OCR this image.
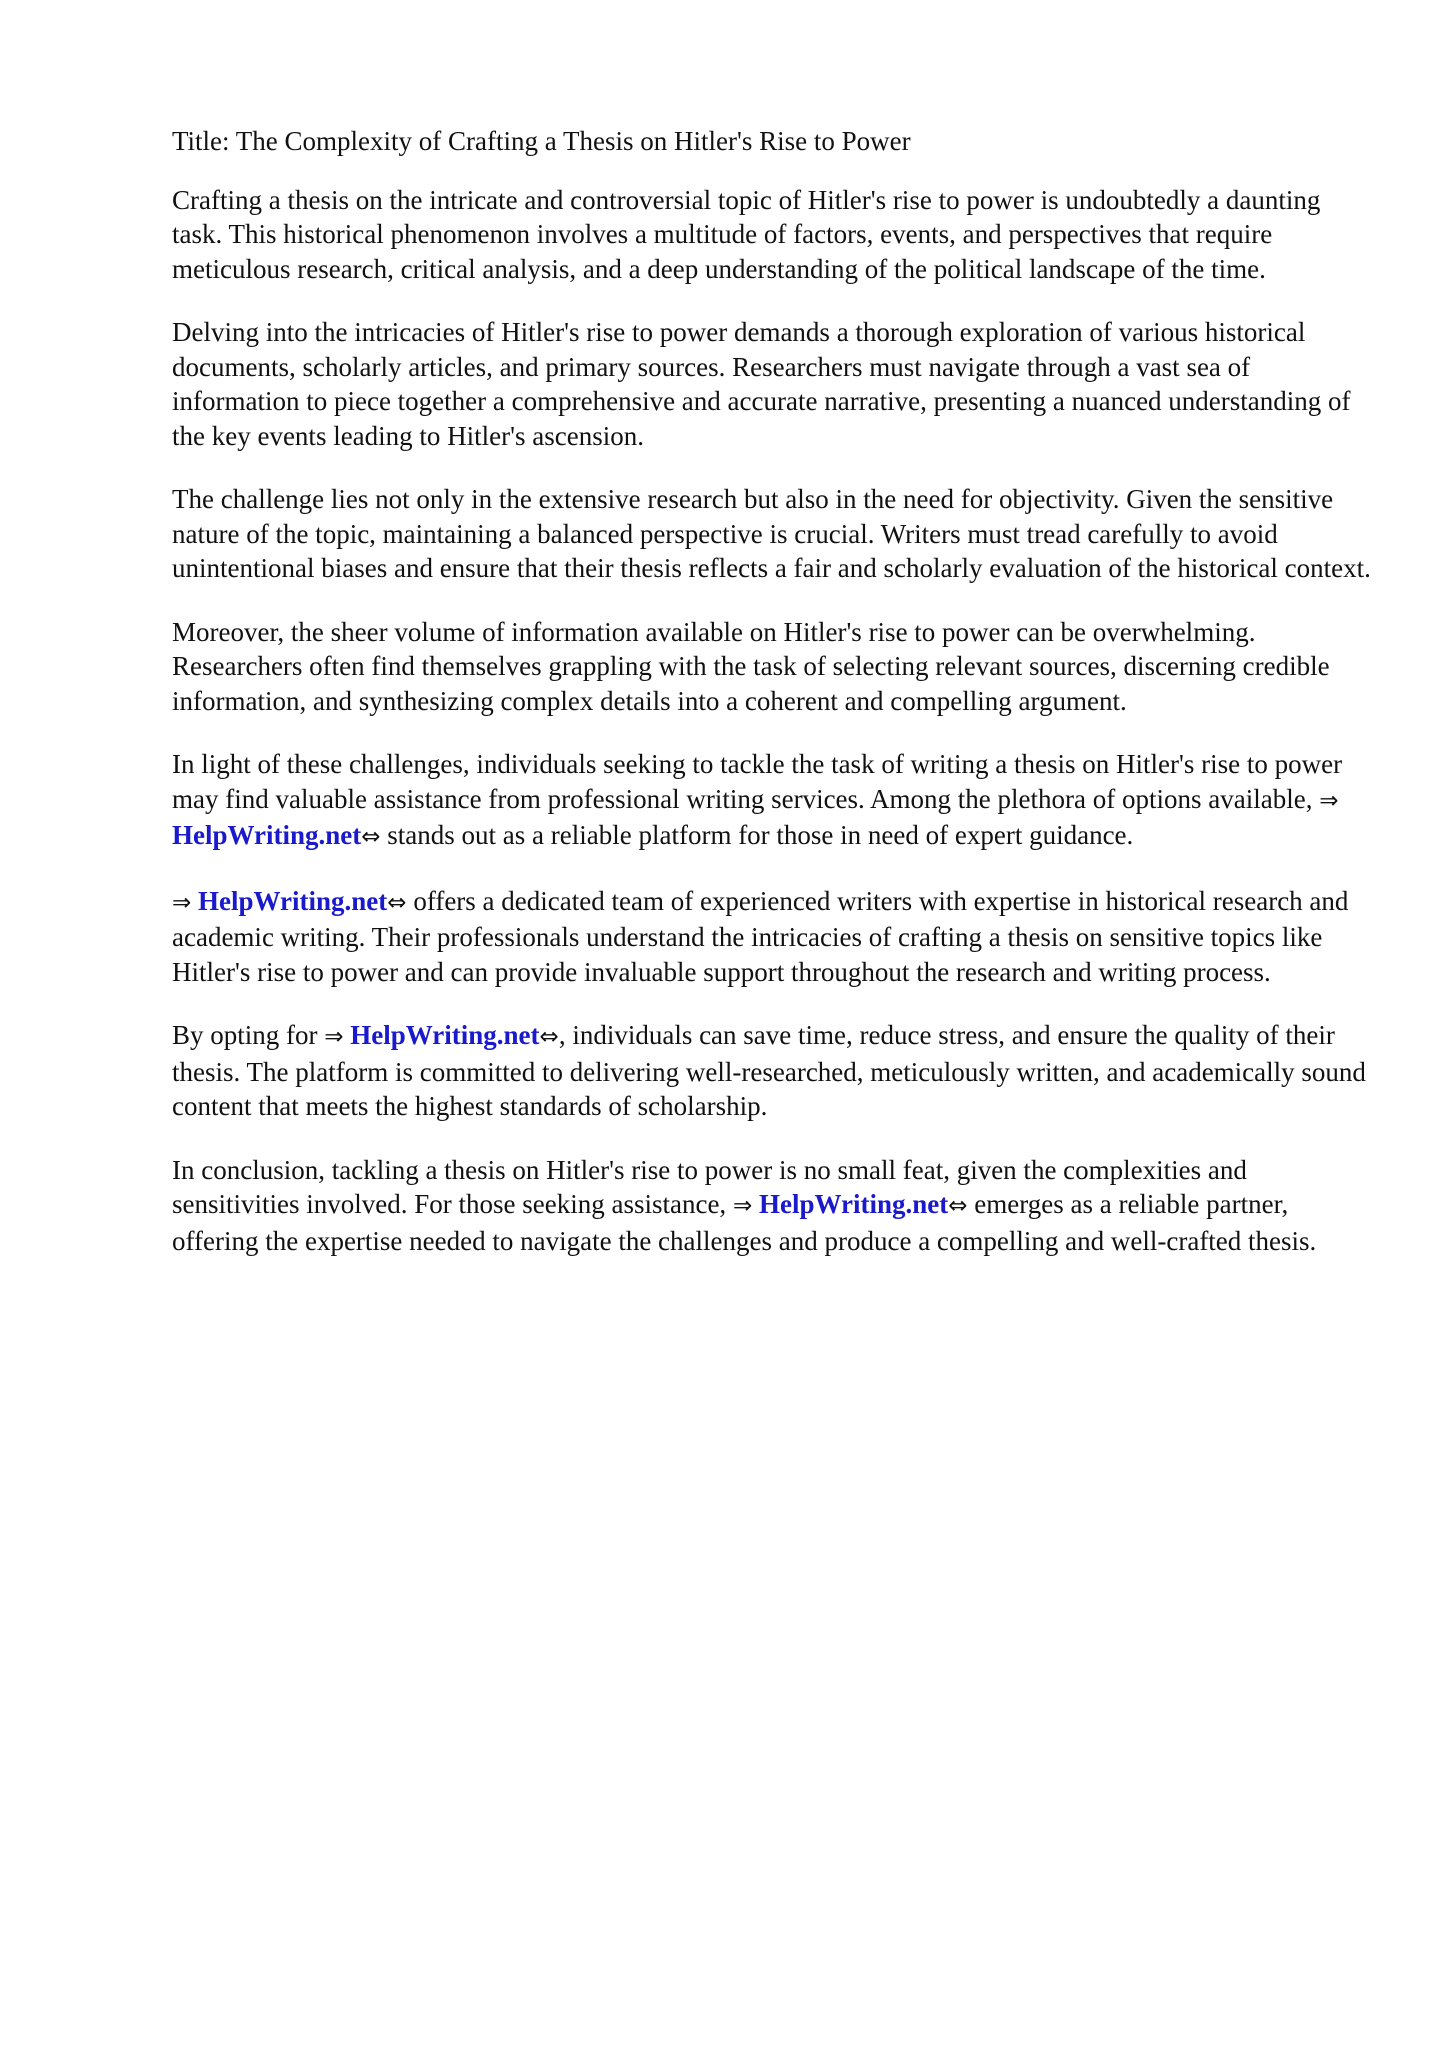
Title: The Complexity of Crafting a Thesis on Hitler's Rise to Power

Crafting a thesis on the intricate and controversial topic of Hitler's rise to power is undoubtedly a daunting task. This historical phenomenon involves a multitude of factors, events, and perspectives that require meticulous research, critical analysis, and a deep understanding of the political landscape of the time.

Delving into the intricacies of Hitler's rise to power demands a thorough exploration of various historical documents, scholarly articles, and primary sources. Researchers must navigate through a vast sea of information to piece together a comprehensive and accurate narrative, presenting a nuanced understanding of the key events leading to Hitler's ascension.

The challenge lies not only in the extensive research but also in the need for objectivity. Given the sensitive nature of the topic, maintaining a balanced perspective is crucial. Writers must tread carefully to avoid unintentional biases and ensure that their thesis reflects a fair and scholarly evaluation of the historical context.

Moreover, the sheer volume of information available on Hitler's rise to power can be overwhelming. Researchers often find themselves grappling with the task of selecting relevant sources, discerning credible information, and synthesizing complex details into a coherent and compelling argument.

In light of these challenges, individuals seeking to tackle the task of writing a thesis on Hitler's rise to power may find valuable assistance from professional writing services. Among the plethora of options available, ⇒ HelpWriting.net⇔ stands out as a reliable platform for those in need of expert guidance.

⇒ HelpWriting.net⇔ offers a dedicated team of experienced writers with expertise in historical research and academic writing. Their professionals understand the intricacies of crafting a thesis on sensitive topics like Hitler's rise to power and can provide invaluable support throughout the research and writing process.

By opting for ⇒ HelpWriting.net⇔, individuals can save time, reduce stress, and ensure the quality of their thesis. The platform is committed to delivering well-researched, meticulously written, and academically sound content that meets the highest standards of scholarship.

In conclusion, tackling a thesis on Hitler's rise to power is no small feat, given the complexities and sensitivities involved. For those seeking assistance, ⇒ HelpWriting.net⇔ emerges as a reliable partner, offering the expertise needed to navigate the challenges and produce a compelling and well-crafted thesis.
